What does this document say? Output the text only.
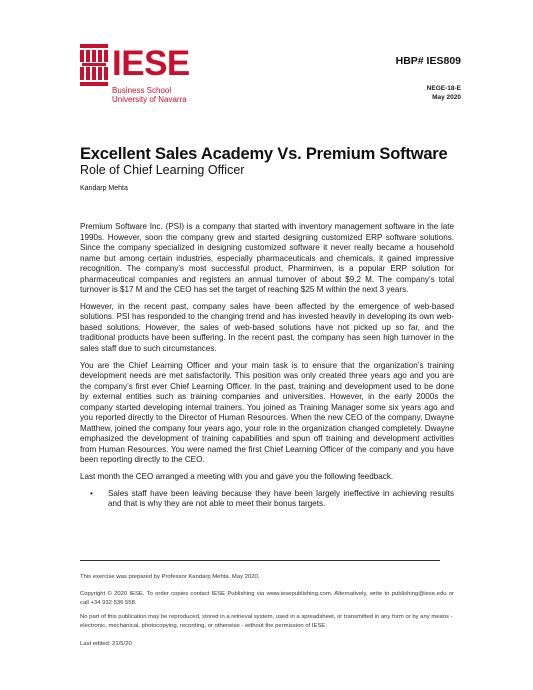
IESE
Business School
University of Navarra
HBP# IES809
NEGE-18-E
May 2020
Excellent Sales Academy Vs. Premium Software
Role of Chief Learning Officer
Kandarp Mehta

Premium Software Inc. (PSI) is a company that started with inventory management software in the late 1990s. However, soon the company grew and started designing customized ERP software solutions. Since the company specialized in designing customized software it never really became a household name but among certain industries, especially pharmaceuticals and chemicals, it gained impressive recognition. The company’s most successful product, Pharminven, is a popular ERP solution for pharmaceutical companies and registers an annual turnover of about $9.2 M. The company’s total turnover is $17 M and the CEO has set the target of reaching $25 M within the next 3 years.

However, in the recent past, company sales have been affected by the emergence of web-based solutions. PSI has responded to the changing trend and has invested heavily in developing its own web-based solutions. However, the sales of web-based solutions have not picked up so far, and the traditional products have been suffering. In the recent past, the company has seen high turnover in the sales staff due to such circumstances.

You are the Chief Learning Officer and your main task is to ensure that the organization’s training development needs are met satisfactorily. This position was only created three years ago and you are the company’s first ever Chief Learning Officer. In the past, training and development used to be done by external entities such as training companies and universities. However, in the early 2000s the company started developing internal trainers. You joined as Training Manager some six years ago and you reported directly to the Director of Human Resources. When the new CEO of the company, Dwayne Matthew, joined the company four years ago, your role in the organization changed completely. Dwayne emphasized the development of training capabilities and spun off training and development activities from Human Resources. You were named the first Chief Learning Officer of the company and you have been reporting directly to the CEO.

Last month the CEO arranged a meeting with you and gave you the following feedback.

•	Sales staff have been leaving because they have been largely ineffective in achieving results and that is why they are not able to meet their bonus targets.
This exercise was prepared by Professor Kandarp Mehta. May 2020.
Copyright © 2020 IESE. To order copies contact IESE Publishing via www.iesepublishing.com. Alternatively, write to publishing@iese.edu or call +34 932 536 558.
No part of this publication may be reproduced, stored in a retrieval system, used in a spreadsheet, or transmitted in any form or by any means - electronic, mechanical, photocopying, recording, or otherwise - without the permission of IESE.
Last edited: 21/5/20
